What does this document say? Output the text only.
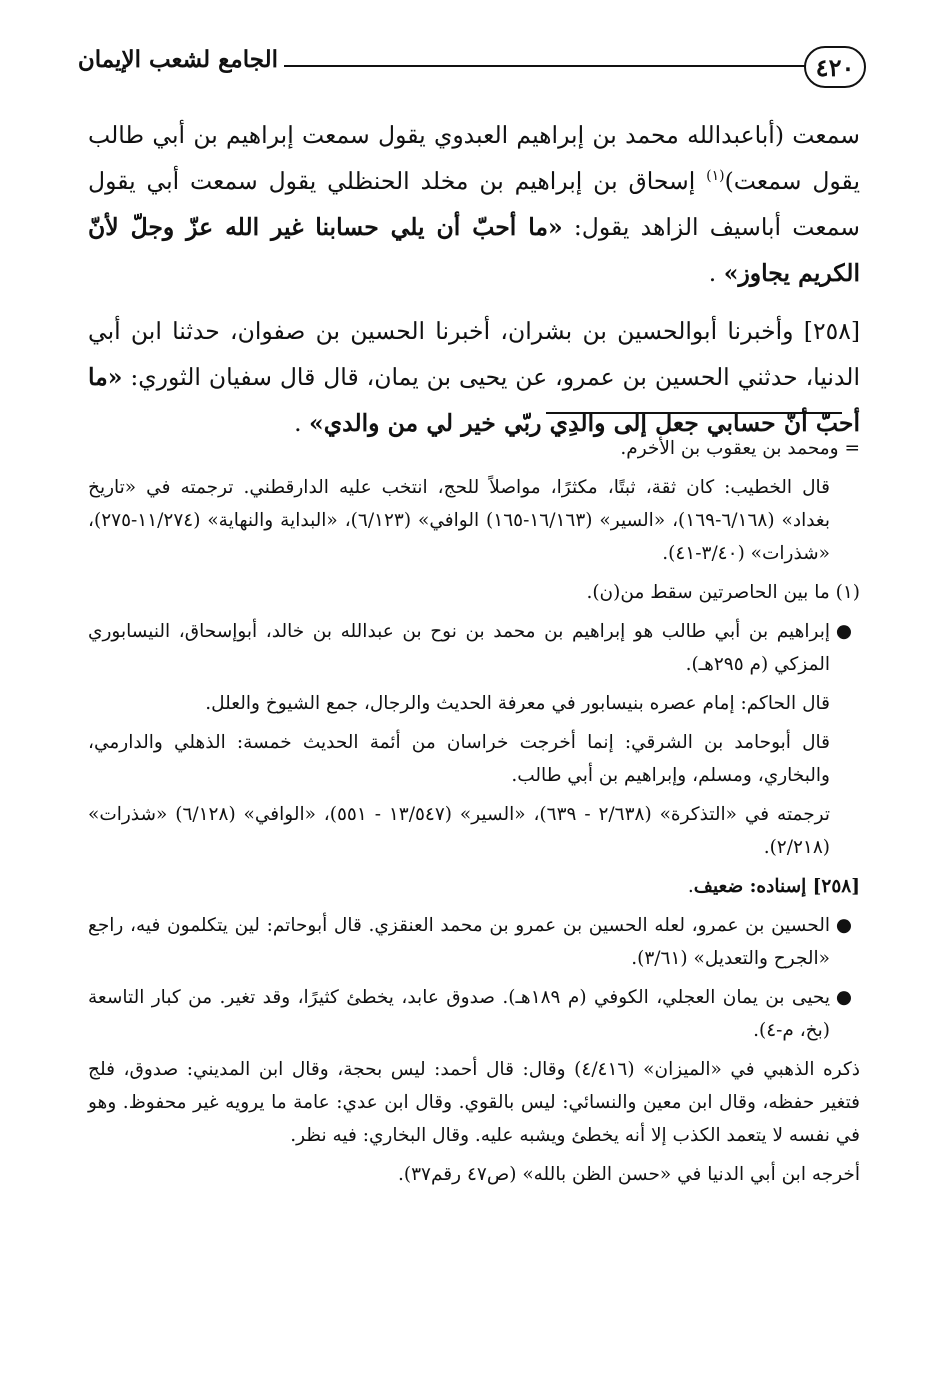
٤٢٠
الجامع لشعب الإيمان

سمعت (أباعبدالله محمد بن إبراهيم العبدوي يقول سمعت إبراهيم بن أبي طالب يقول سمعت)$^{(١)}$ إسحاق بن إبراهيم بن مخلد الحنظلي يقول سمعت أبي يقول سمعت أباسيف الزاهد يقول: «ما أحبّ أن يلي حسابنا غير الله عزّ وجلّ لأنّ الكريم يجاوز» .

[٢٥٨] وأخبرنا أبوالحسين بن بشران، أخبرنا الحسين بن صفوان، حدثنا ابن أبي الدنيا، حدثني الحسين بن عمرو، عن يحيى بن يمان، قال قال سفيان الثوري: «ما أحبّ أنّ حسابي جعل إلى والدِي ربّي خير لي من والدي» .

= ومحمد بن يعقوب بن الأخرم.

قال الخطيب: كان ثقة، ثبتًا، مكثرًا، مواصلاً للحج، انتخب عليه الدارقطني. ترجمته في «تاريخ بغداد» (٦/١٦٨-١٦٩)، «السير» (١٦/١٦٣-١٦٥) الوافي» (٦/١٢٣)، «البداية والنهاية» (١١/٢٧٤-٢٧٥)، «شذرات» (٣/٤٠-٤١).

(١) ما بين الحاصرتين سقط من(ن).

●
إبراهيم بن أبي طالب هو إبراهيم بن محمد بن نوح بن عبدالله بن خالد، أبوإسحاق، النيسابوري المزكي (م ٢٩٥هـ).

قال الحاكم: إمام عصره بنيسابور في معرفة الحديث والرجال، جمع الشيوخ والعلل.

قال أبوحامد بن الشرقي: إنما أخرجت خراسان من أئمة الحديث خمسة: الذهلي والدارمي، والبخاري، ومسلم، وإبراهيم بن أبي طالب.

ترجمته في «التذكرة» (٢/٦٣٨ - ٦٣٩)، «السير» (١٣/٥٤٧ - ٥٥١)، «الوافي» (٦/١٢٨) «شذرات» (٢/٢١٨).

[٢٥٨] إسناده: ضعيف.

●
الحسين بن عمرو، لعله الحسين بن عمرو بن محمد العنقزي. قال أبوحاتم: لين يتكلمون فيه، راجع «الجرح والتعديل» (٣/٦١).

●
يحيى بن يمان العجلي، الكوفي (م ١٨٩هـ). صدوق عابد، يخطئ كثيرًا، وقد تغير. من كبار التاسعة (بخ، م-٤).

ذكره الذهبي في «الميزان» (٤/٤١٦) وقال: قال أحمد: ليس بحجة، وقال ابن المديني: صدوق، فلج فتغير حفظه، وقال ابن معين والنسائي: ليس بالقوي. وقال ابن عدي: عامة ما يرويه غير محفوظ. وهو في نفسه لا يتعمد الكذب إلا أنه يخطئ ويشبه عليه. وقال البخاري: فيه نظر.

أخرجه ابن أبي الدنيا في «حسن الظن بالله» (ص٤٧ رقم٣٧).
